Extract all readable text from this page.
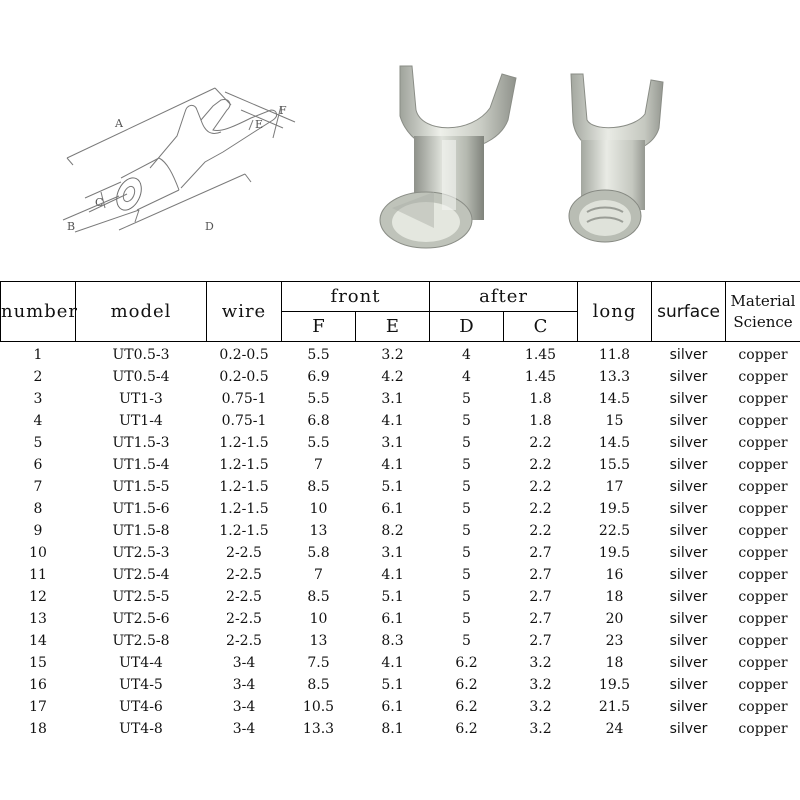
A
F
E
C
B	D
number	model	wire	front		after		long	surface	Material
Science
			F	E	D	C			
1	UT0.5-3	0.2-0.5	5.5	3.2	4	1.45	11.8	silver	copper
2	UT0.5-4	0.2-0.5	6.9	4.2	4	1.45	13.3	silver	copper
3	UT1-3	0.75-1	5.5	3.1	5	1.8	14.5	silver	copper
4	UT1-4	0.75-1	6.8	4.1	5	1.8	15	silver	copper
5	UT1.5-3	1.2-1.5	5.5	3.1	5	2.2	14.5	silver	copper
6	UT1.5-4	1.2-1.5	7	4.1	5	2.2	15.5	silver	copper
7	UT1.5-5	1.2-1.5	8.5	5.1	5	2.2	17	silver	copper
8	UT1.5-6	1.2-1.5	10	6.1	5	2.2	19.5	silver	copper
9	UT1.5-8	1.2-1.5	13	8.2	5	2.2	22.5	silver	copper
10	UT2.5-3	2-2.5	5.8	3.1	5	2.7	19.5	silver	copper
11	UT2.5-4	2-2.5	7	4.1	5	2.7	16	silver	copper
12	UT2.5-5	2-2.5	8.5	5.1	5	2.7	18	silver	copper
13	UT2.5-6	2-2.5	10	6.1	5	2.7	20	silver	copper
14	UT2.5-8	2-2.5	13	8.3	5	2.7	23	silver	copper
15	UT4-4	3-4	7.5	4.1	6.2	3.2	18	silver	copper
16	UT4-5	3-4	8.5	5.1	6.2	3.2	19.5	silver	copper
17	UT4-6	3-4	10.5	6.1	6.2	3.2	21.5	silver	copper
18	UT4-8	3-4	13.3	8.1	6.2	3.2	24	silver	copper
